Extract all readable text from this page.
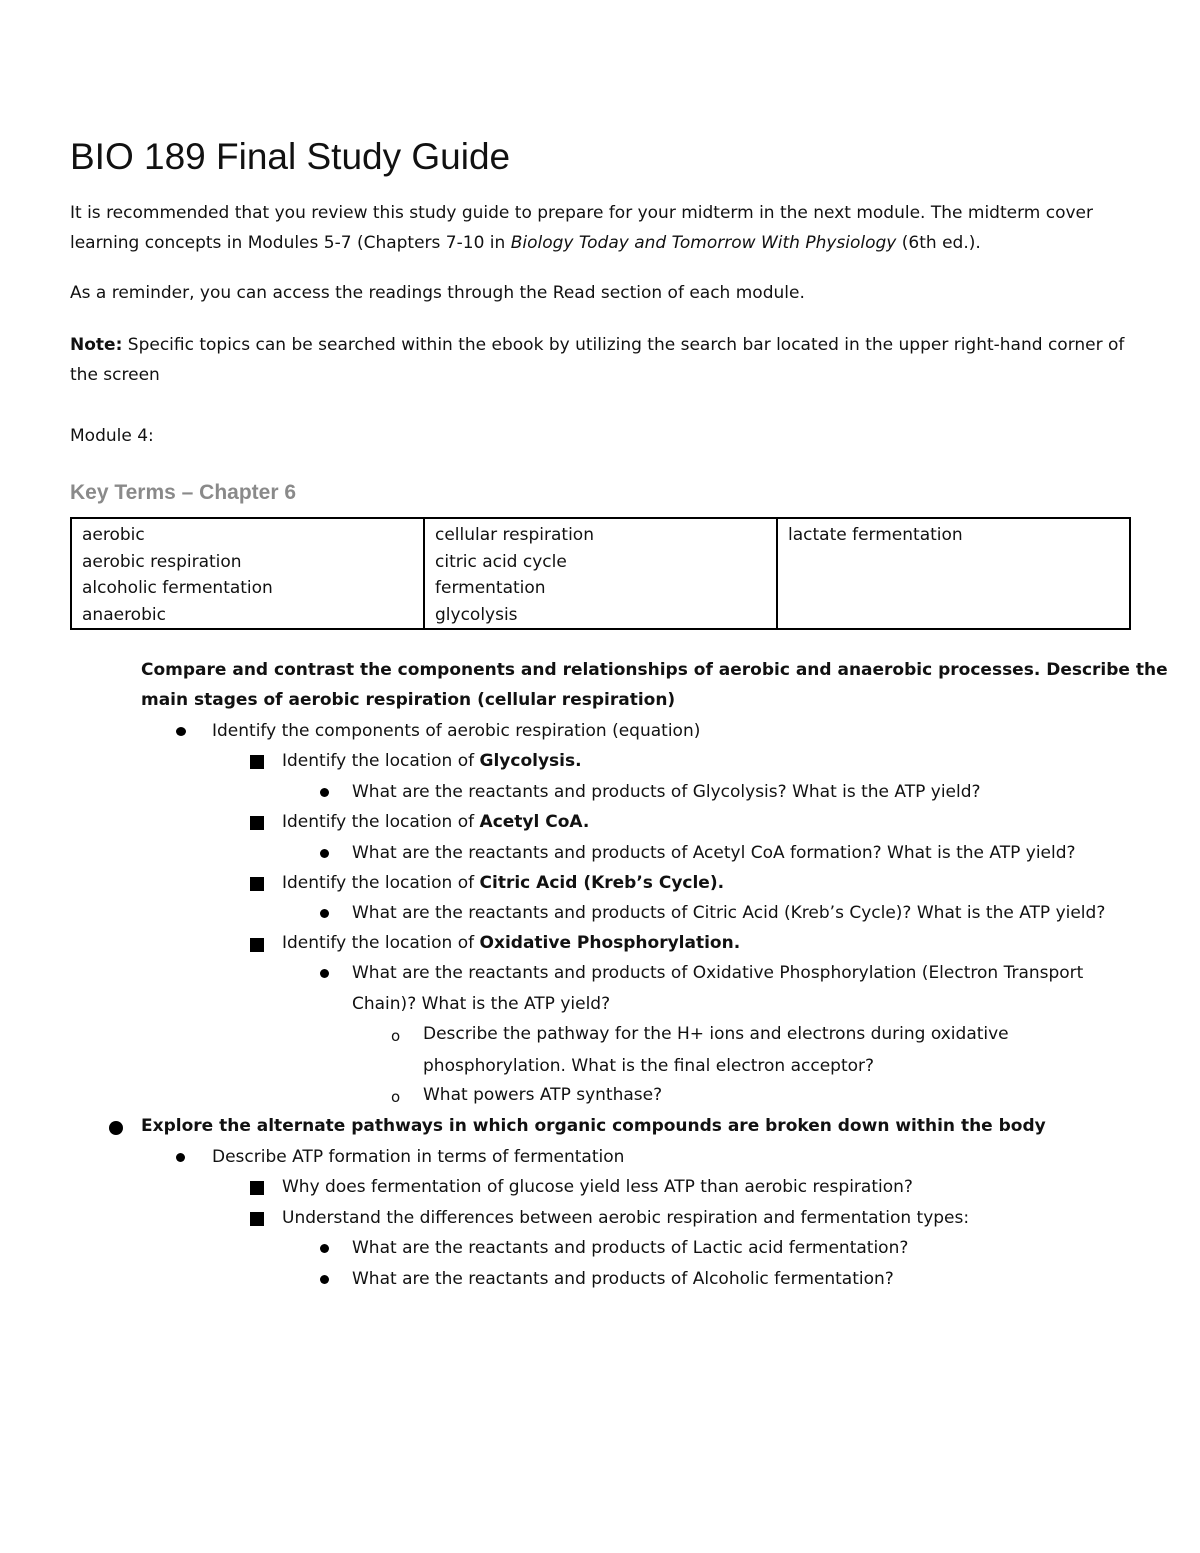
BIO 189 Final Study Guide

It is recommended that you review this study guide to prepare for your midterm in the next module. The midterm cover learning concepts in Modules 5-7 (Chapters 7-10 in Biology Today and Tomorrow With Physiology (6th ed.).

As a reminder, you can access the readings through the Read section of each module.

Note: Specific topics can be searched within the ebook by utilizing the search bar located in the upper right-hand corner of the screen

Module 4:

Key Terms – Chapter 6
aerobic
aerobic respiration
alcoholic fermentation
anaerobic

cellular respiration
citric acid cycle
fermentation
glycolysis

lactate fermentation
Compare and contrast the components and relationships of aerobic and anaerobic processes. Describe the
main stages of aerobic respiration (cellular respiration)
Identify the components of aerobic respiration (equation)
Identify the location of Glycolysis.
What are the reactants and products of Glycolysis? What is the ATP yield?
Identify the location of Acetyl CoA.
What are the reactants and products of Acetyl CoA formation? What is the ATP yield?
Identify the location of Citric Acid (Kreb’s Cycle).
What are the reactants and products of Citric Acid (Kreb’s Cycle)? What is the ATP yield?
Identify the location of Oxidative Phosphorylation.
What are the reactants and products of Oxidative Phosphorylation (Electron Transport
Chain)? What is the ATP yield?
o Describe the pathway for the H+ ions and electrons during oxidative
phosphorylation. What is the final electron acceptor?
o What powers ATP synthase?
Explore the alternate pathways in which organic compounds are broken down within the body
Describe ATP formation in terms of fermentation
Why does fermentation of glucose yield less ATP than aerobic respiration?
Understand the differences between aerobic respiration and fermentation types:
What are the reactants and products of Lactic acid fermentation?
What are the reactants and products of Alcoholic fermentation?
